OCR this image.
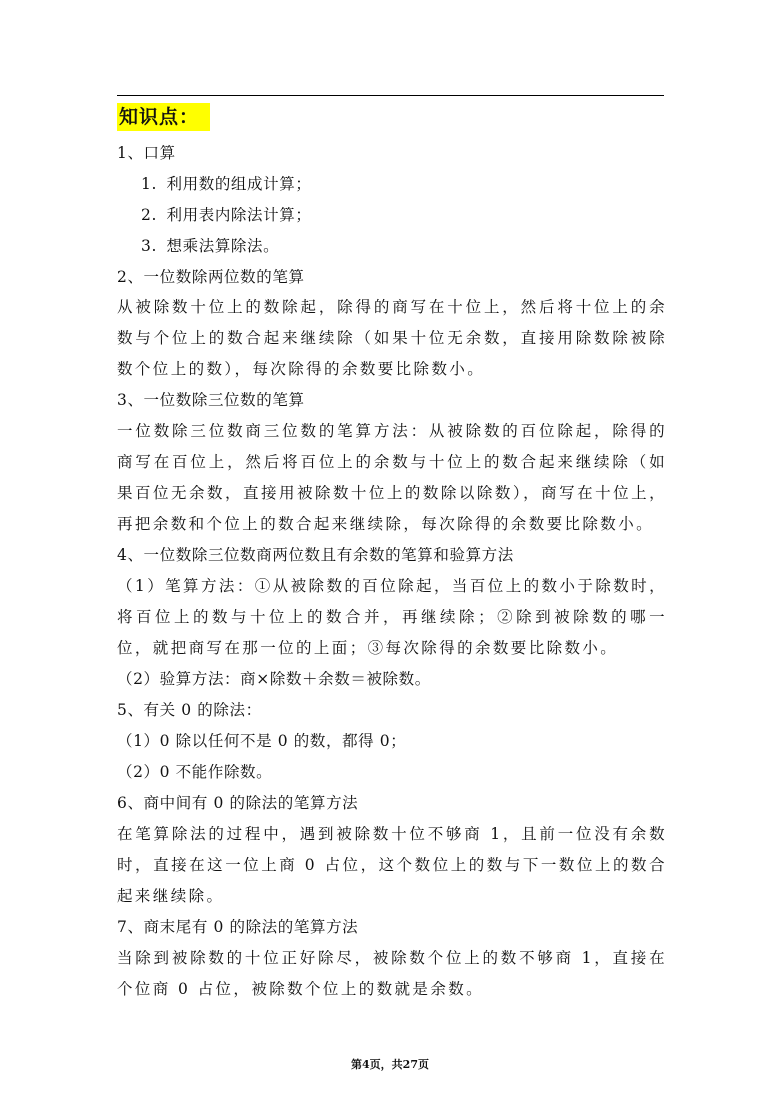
知识点：
1、口算
1. 利用数的组成计算；
2. 利用表内除法计算；
3. 想乘法算除法。
2、一位数除两位数的笔算
从被除数十位上的数除起，除得的商写在十位上，然后将十位上的余数与个位上的数合起来继续除（如果十位无余数，直接用除数除被除数个位上的数），每次除得的余数要比除数小。
3、一位数除三位数的笔算
一位数除三位数商三位数的笔算方法：从被除数的百位除起，除得的商写在百位上，然后将百位上的余数与十位上的数合起来继续除（如果百位无余数，直接用被除数十位上的数除以除数），商写在十位上，再把余数和个位上的数合起来继续除，每次除得的余数要比除数小。
4、一位数除三位数商两位数且有余数的笔算和验算方法
（1）笔算方法：①从被除数的百位除起，当百位上的数小于除数时，将百位上的数与十位上的数合并，再继续除；②除到被除数的哪一位，就把商写在那一位的上面；③每次除得的余数要比除数小。
（2）验算方法：商×除数＋余数＝被除数。
5、有关 0 的除法：
（1）0 除以任何不是 0 的数，都得 0；
（2）0 不能作除数。
6、商中间有 0 的除法的笔算方法
在笔算除法的过程中，遇到被除数十位不够商 1，且前一位没有余数时，直接在这一位上商 0 占位，这个数位上的数与下一数位上的数合起来继续除。
7、商末尾有 0 的除法的笔算方法
当除到被除数的十位正好除尽，被除数个位上的数不够商 1，直接在个位商 0 占位，被除数个位上的数就是余数。
第4页，共27页
